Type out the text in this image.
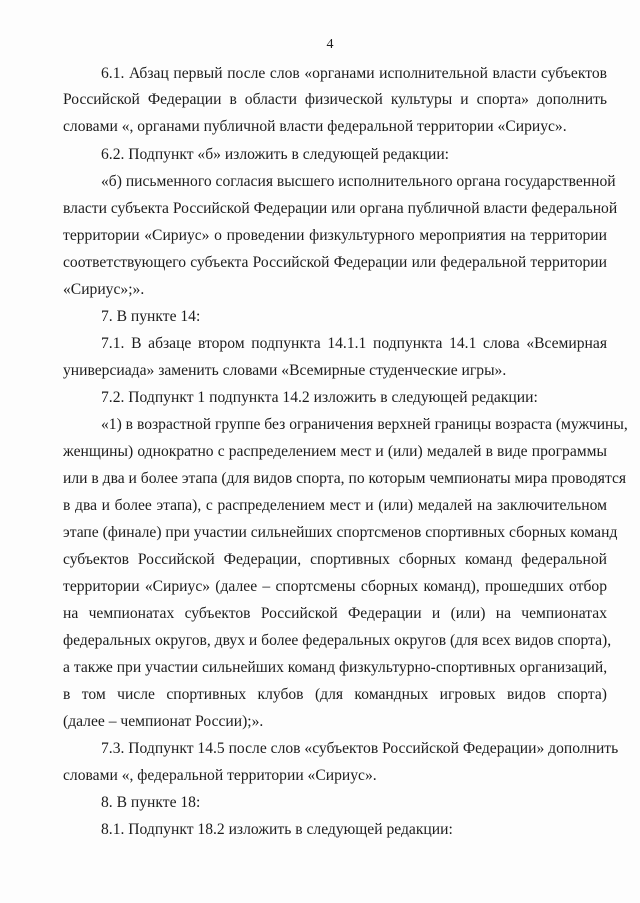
4
6.1. Абзац первый после слов «органами исполнительной власти субъектов
Российской Федерации в области физической культуры и спорта» дополнить
словами «, органами публичной власти федеральной территории «Сириус».
6.2. Подпункт «б» изложить в следующей редакции:
«б) письменного согласия высшего исполнительного органа государственной
власти субъекта Российской Федерации или органа публичной власти федеральной
территории «Сириус» о проведении физкультурного мероприятия на территории
соответствующего субъекта Российской Федерации или федеральной территории
«Сириус»;».
7. В пункте 14:
7.1. В абзаце втором подпункта 14.1.1 подпункта 14.1 слова «Всемирная
универсиада» заменить словами «Всемирные студенческие игры».
7.2. Подпункт 1 подпункта 14.2 изложить в следующей редакции:
«1) в возрастной группе без ограничения верхней границы возраста (мужчины,
женщины) однократно с распределением мест и (или) медалей в виде программы
или в два и более этапа (для видов спорта, по которым чемпионаты мира проводятся
в два и более этапа), с распределением мест и (или) медалей на заключительном
этапе (финале) при участии сильнейших спортсменов спортивных сборных команд
субъектов Российской Федерации, спортивных сборных команд федеральной
территории «Сириус» (далее – спортсмены сборных команд), прошедших отбор
на чемпионатах субъектов Российской Федерации и (или) на чемпионатах
федеральных округов, двух и более федеральных округов (для всех видов спорта),
а также при участии сильнейших команд физкультурно-спортивных организаций,
в том числе спортивных клубов (для командных игровых видов спорта)
(далее – чемпионат России);».
7.3. Подпункт 14.5 после слов «субъектов Российской Федерации» дополнить
словами «, федеральной территории «Сириус».
8. В пункте 18:
8.1. Подпункт 18.2 изложить в следующей редакции:
